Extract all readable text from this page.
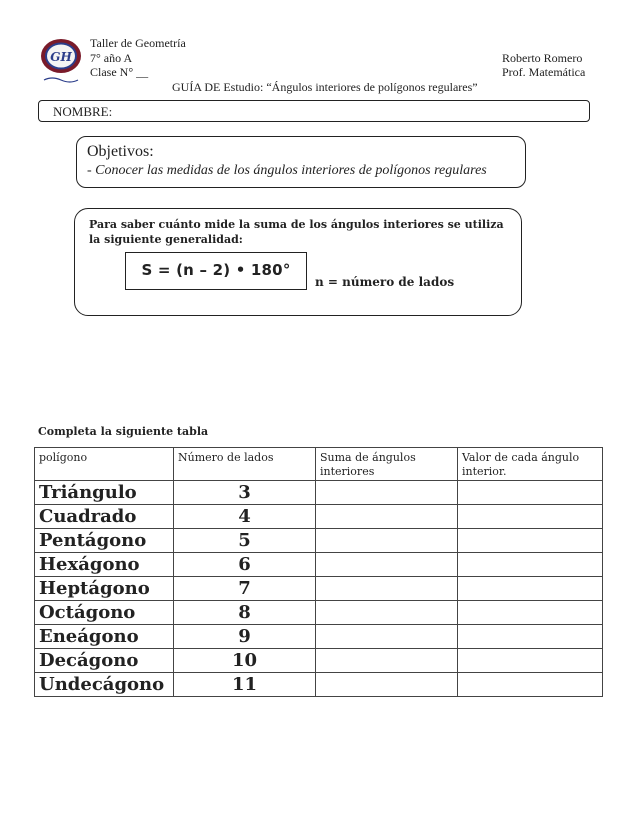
GH
Taller de Geometría
7° año A	Roberto Romero
Clase N° __	Prof. Matemática
GUÍA DE Estudio: “Ángulos interiores de polígonos regulares”
NOMBRE:
Objetivos:
- Conocer las medidas de los ángulos interiores de polígonos regulares
Para saber cuánto mide la suma de los ángulos interiores se utiliza la siguiente generalidad:
S = (n – 2) • 180°
n = número de lados
Completa la siguiente tabla
polígono	Número de lados	Suma de ángulos interiores	Valor de cada ángulo interior.
Triángulo	3		
Cuadrado	4		
Pentágono	5		
Hexágono	6		
Heptágono	7		
Octágono	8		
Eneágono	9		
Decágono	10		
Undecágono	11		
